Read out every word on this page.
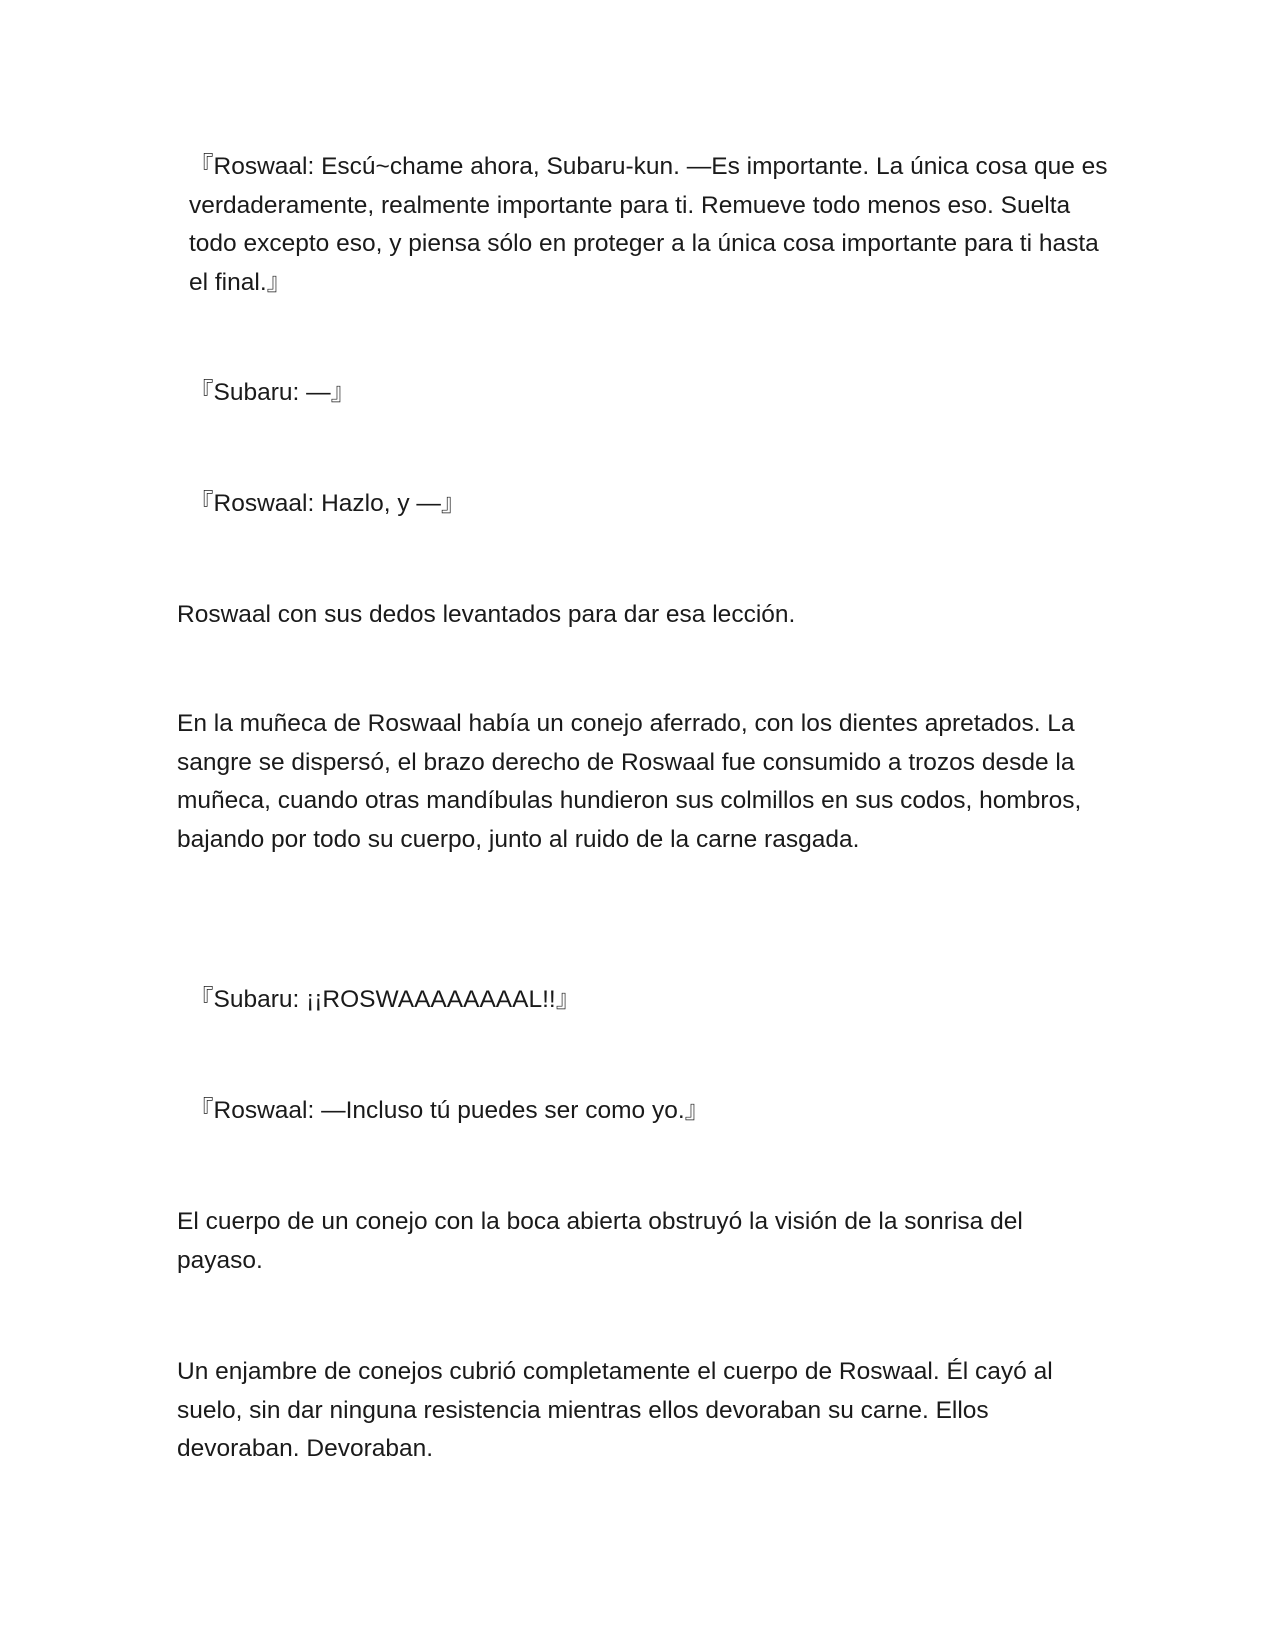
『Roswaal: Escú~chame ahora, Subaru-kun. —Es importante. La única cosa que es verdaderamente, realmente importante para ti. Remueve todo menos eso. Suelta todo excepto eso, y piensa sólo en proteger a la única cosa importante para ti hasta el final.』

『Subaru: —』

『Roswaal: Hazlo, y —』

Roswaal con sus dedos levantados para dar esa lección.

En la muñeca de Roswaal había un conejo aferrado, con los dientes apretados. La sangre se dispersó, el brazo derecho de Roswaal fue consumido a trozos desde la muñeca, cuando otras mandíbulas hundieron sus colmillos en sus codos, hombros, bajando por todo su cuerpo, junto al ruido de la carne rasgada.

『Subaru: ¡¡ROSWAAAAAAAAL!!』

『Roswaal: —Incluso tú puedes ser como yo.』

El cuerpo de un conejo con la boca abierta obstruyó la visión de la sonrisa del payaso.

Un enjambre de conejos cubrió completamente el cuerpo de Roswaal. Él cayó al suelo, sin dar ninguna resistencia mientras ellos devoraban su carne. Ellos devoraban. Devoraban.
